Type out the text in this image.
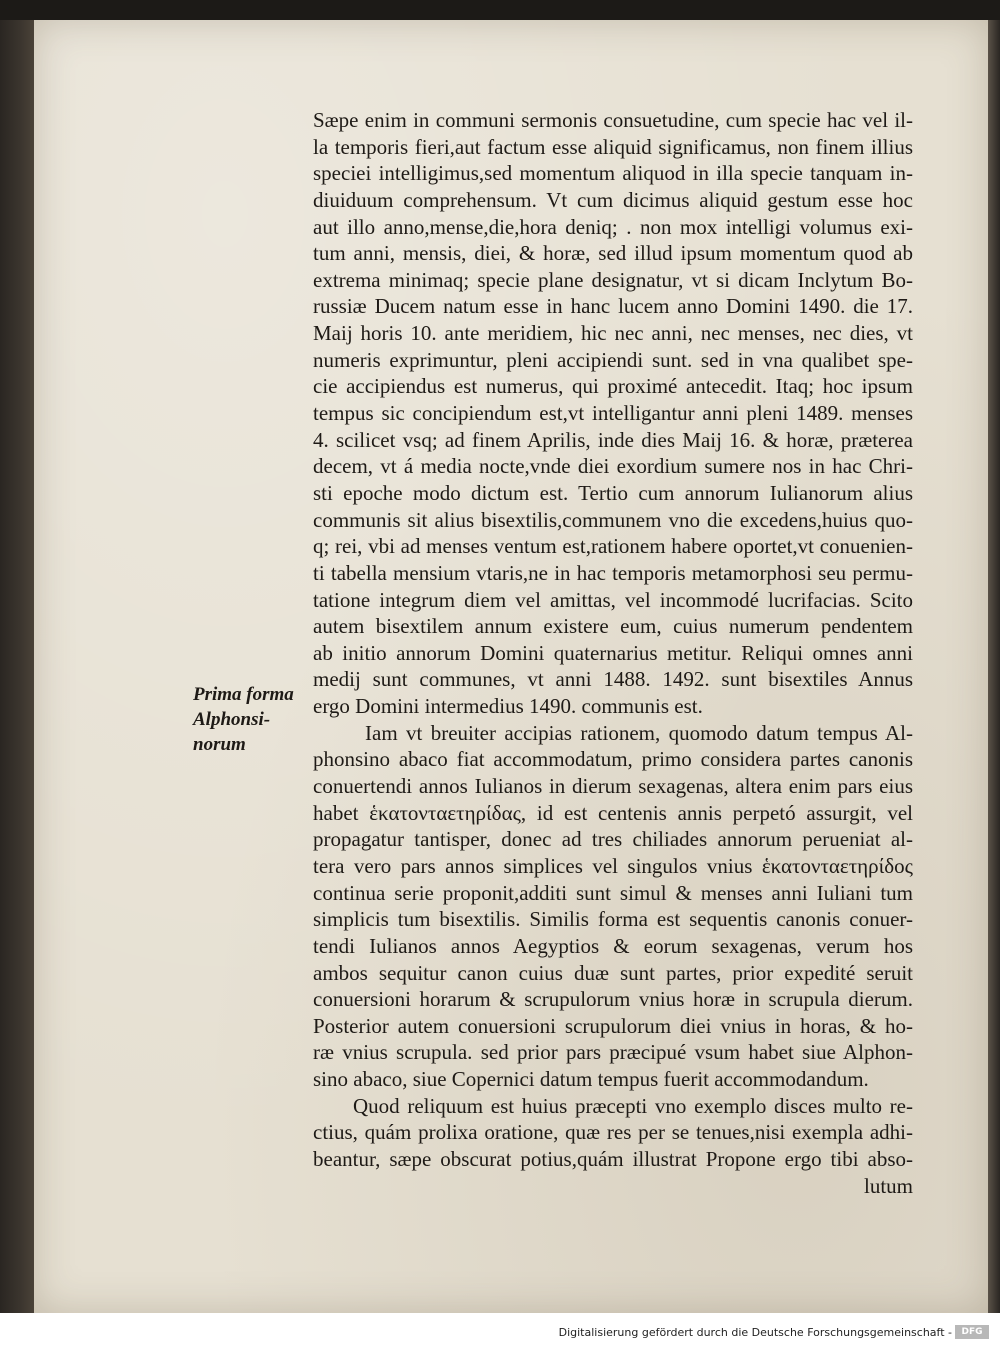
Prima forma
Alphonsi-
norum
Sæpe enim in communi sermonis consuetudine, cum specie hac vel il-
la temporis fieri,aut factum esse aliquid significamus, non finem illius
speciei intelligimus,sed momentum aliquod in illa specie tanquam in-
diuiduum comprehensum. Vt cum dicimus aliquid gestum esse hoc
aut illo anno,mense,die,hora deniq; . non mox intelligi volumus exi-
tum anni, mensis, diei, & horæ, sed illud ipsum momentum quod ab
extrema minimaq; specie plane designatur, vt si dicam Inclytum Bo-
russiæ Ducem natum esse in hanc lucem anno Domini 1490. die 17.
Maij horis 10. ante meridiem, hic nec anni, nec menses, nec dies, vt
numeris exprimuntur, pleni accipiendi sunt. sed in vna qualibet spe-
cie accipiendus est numerus, qui proximé antecedit. Itaq; hoc ipsum
tempus sic concipiendum est,vt intelligantur anni pleni 1489. menses
4. scilicet vsq; ad finem Aprilis, inde dies Maij 16. & horæ, præterea
decem, vt á media nocte,vnde diei exordium sumere nos in hac Chri-
sti epoche modo dictum est. Tertio cum annorum Iulianorum alius
communis sit alius bisextilis,communem vno die excedens,huius quo-
q; rei, vbi ad menses ventum est,rationem habere oportet,vt conuenien-
ti tabella mensium vtaris,ne in hac temporis metamorphosi seu permu-
tatione integrum diem vel amittas, vel incommodé lucrifacias. Scito
autem bisextilem annum existere eum, cuius numerum pendentem
ab initio annorum Domini quaternarius metitur. Reliqui omnes anni
medij sunt communes, vt anni 1488. 1492. sunt bisextiles Annus
ergo Domini intermedius 1490. communis est.
Iam vt breuiter accipias rationem, quomodo datum tempus Al-
phonsino abaco fiat accommodatum, primo considera partes canonis
conuertendi annos Iulianos in dierum sexagenas, altera enim pars eius
habet ἑκατονταετηρίδας, id est centenis annis perpetó assurgit, vel
propagatur tantisper, donec ad tres chiliades annorum perueniat al-
tera vero pars annos simplices vel singulos vnius ἑκατονταετηρίδος
continua serie proponit,additi sunt simul & menses anni Iuliani tum
simplicis tum bisextilis. Similis forma est sequentis canonis conuer-
tendi Iulianos annos Aegyptios & eorum sexagenas, verum hos
ambos sequitur canon cuius duæ sunt partes, prior expedité seruit
conuersioni horarum & scrupulorum vnius horæ in scrupula dierum.
Posterior autem conuersioni scrupulorum diei vnius in horas, & ho-
ræ vnius scrupula. sed prior pars præcipué vsum habet siue Alphon-
sino abaco, siue Copernici datum tempus fuerit accommodandum.
Quod reliquum est huius præcepti vno exemplo disces multo re-
ctius, quám prolixa oratione, quæ res per se tenues,nisi exempla adhi-
beantur, sæpe obscurat potius,quám illustrat Propone ergo tibi abso-
lutum
Digitalisierung gefördert durch die Deutsche Forschungsgemeinschaft -	DFG
